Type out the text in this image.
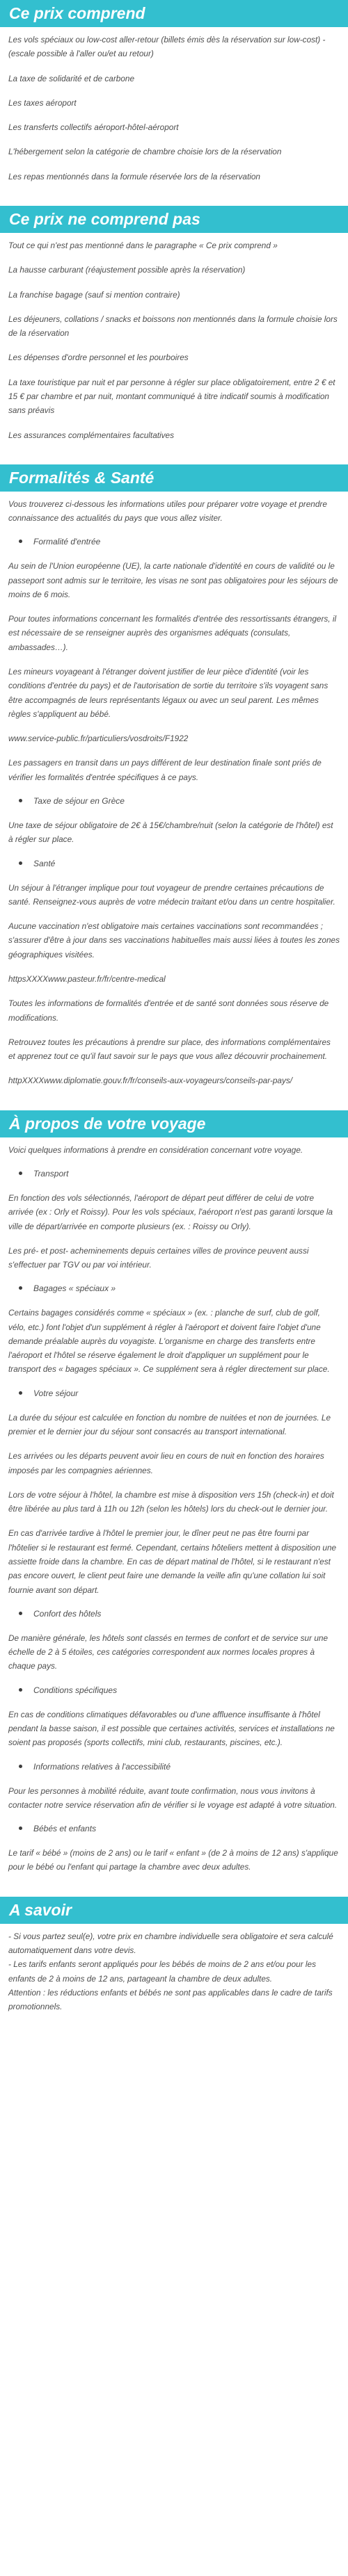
Ce prix comprend

Les vols spéciaux ou low-cost aller-retour (billets émis dès la réservation sur low-cost) - (escale possible à l'aller ou/et au retour)

La taxe de solidarité et de carbone

Les taxes aéroport

Les transferts collectifs aéroport-hôtel-aéroport

L'hébergement selon la catégorie de chambre choisie lors de la réservation

Les repas mentionnés dans la formule réservée lors de la réservation

Ce prix ne comprend pas

Tout ce qui n'est pas mentionné dans le paragraphe « Ce prix comprend »

La hausse carburant (réajustement possible après la réservation)

La franchise bagage (sauf si mention contraire)

Les déjeuners, collations / snacks et boissons non mentionnés dans la formule choisie lors de la réservation

Les dépenses d'ordre personnel et les pourboires

La taxe touristique par nuit et par personne à régler sur place obligatoirement, entre 2 € et 15 € par chambre et par nuit, montant communiqué à titre indicatif soumis à modification sans préavis

Les assurances complémentaires facultatives

Formalités & Santé

Vous trouverez ci-dessous les informations utiles pour préparer votre voyage et prendre connaissance des actualités du pays que vous allez visiter.

Formalité d'entrée

Au sein de l'Union européenne (UE), la carte nationale d'identité en cours de validité ou le passeport sont admis sur le territoire, les visas ne sont pas obligatoires pour les séjours de moins de 6 mois.

Pour toutes informations concernant les formalités d'entrée des ressortissants étrangers, il est nécessaire de se renseigner auprès des organismes adéquats (consulats, ambassades…).

Les mineurs voyageant à l'étranger doivent justifier de leur pièce d'identité (voir les conditions d'entrée du pays) et de l'autorisation de sortie du territoire s'ils voyagent sans être accompagnés de leurs représentants légaux ou avec un seul parent. Les mêmes règles s'appliquent au bébé.

www.service-public.fr/particuliers/vosdroits/F1922

Les passagers en transit dans un pays différent de leur destination finale sont priés de vérifier les formalités d'entrée spécifiques à ce pays.

Taxe de séjour en Grèce

Une taxe de séjour obligatoire de 2€ à 15€/chambre/nuit (selon la catégorie de l'hôtel) est à régler sur place.

Santé

Un séjour à l'étranger implique pour tout voyageur de prendre certaines précautions de santé. Renseignez-vous auprès de votre médecin traitant et/ou dans un centre hospitalier.

Aucune vaccination n'est obligatoire mais certaines vaccinations sont recommandées ; s'assurer d'être à jour dans ses vaccinations habituelles mais aussi liées à toutes les zones géographiques visitées.

httpsXXXXwww.pasteur.fr/fr/centre-medical

Toutes les informations de formalités d'entrée et de santé sont données sous réserve de modifications.

Retrouvez toutes les précautions à prendre sur place, des informations complémentaires et apprenez tout ce qu'il faut savoir sur le pays que vous allez découvrir prochainement.

httpXXXXwww.diplomatie.gouv.fr/fr/conseils-aux-voyageurs/conseils-par-pays/

À propos de votre voyage

Voici quelques informations à prendre en considération concernant votre voyage.

Transport

En fonction des vols sélectionnés, l'aéroport de départ peut différer de celui de votre arrivée (ex : Orly et Roissy). Pour les vols spéciaux, l'aéroport n'est pas garanti lorsque la ville de départ/arrivée en comporte plusieurs (ex. : Roissy ou Orly).

Les pré- et post- acheminements depuis certaines villes de province peuvent aussi s'effectuer par TGV ou par voi intérieur.

Bagages « spéciaux »

Certains bagages considérés comme « spéciaux » (ex. : planche de surf, club de golf, vélo, etc.) font l'objet d'un supplément à régler à l'aéroport et doivent faire l'objet d'une demande préalable auprès du voyagiste. L'organisme en charge des transferts entre l'aéroport et l'hôtel se réserve également le droit d'appliquer un supplément pour le transport des « bagages spéciaux ». Ce supplément sera à régler directement sur place.

Votre séjour

La durée du séjour est calculée en fonction du nombre de nuitées et non de journées. Le premier et le dernier jour du séjour sont consacrés au transport international.

Les arrivées ou les départs peuvent avoir lieu en cours de nuit en fonction des horaires imposés par les compagnies aériennes.

Lors de votre séjour à l'hôtel, la chambre est mise à disposition vers 15h (check-in) et doit être libérée au plus tard à 11h ou 12h (selon les hôtels) lors du check-out le dernier jour.

En cas d'arrivée tardive à l'hôtel le premier jour, le dîner peut ne pas être fourni par l'hôtelier si le restaurant est fermé. Cependant, certains hôteliers mettent à disposition une assiette froide dans la chambre. En cas de départ matinal de l'hôtel, si le restaurant n'est pas encore ouvert, le client peut faire une demande la veille afin qu'une collation lui soit fournie avant son départ.

Confort des hôtels

De manière générale, les hôtels sont classés en termes de confort et de service sur une échelle de 2 à 5 étoiles, ces catégories correspondent aux normes locales propres à chaque pays.

Conditions spécifiques

En cas de conditions climatiques défavorables ou d'une affluence insuffisante à l'hôtel pendant la basse saison, il est possible que certaines activités, services et installations ne soient pas proposés (sports collectifs, mini club, restaurants, piscines, etc.).

Informations relatives à l'accessibilité

Pour les personnes à mobilité réduite, avant toute confirmation, nous vous invitons à contacter notre service réservation afin de vérifier si le voyage est adapté à votre situation.

Bébés et enfants

Le tarif « bébé » (moins de 2 ans) ou le tarif « enfant » (de 2 à moins de 12 ans) s'applique pour le bébé ou l'enfant qui partage la chambre avec deux adultes.

A savoir

- Si vous partez seul(e), votre prix en chambre individuelle sera obligatoire et sera calculé automatiquement dans votre devis.
- Les tarifs enfants seront appliqués pour les bébés de moins de 2 ans et/ou pour les enfants de 2 à moins de 12 ans, partageant la chambre de deux adultes.
Attention : les réductions enfants et bébés ne sont pas applicables dans le cadre de tarifs promotionnels.
